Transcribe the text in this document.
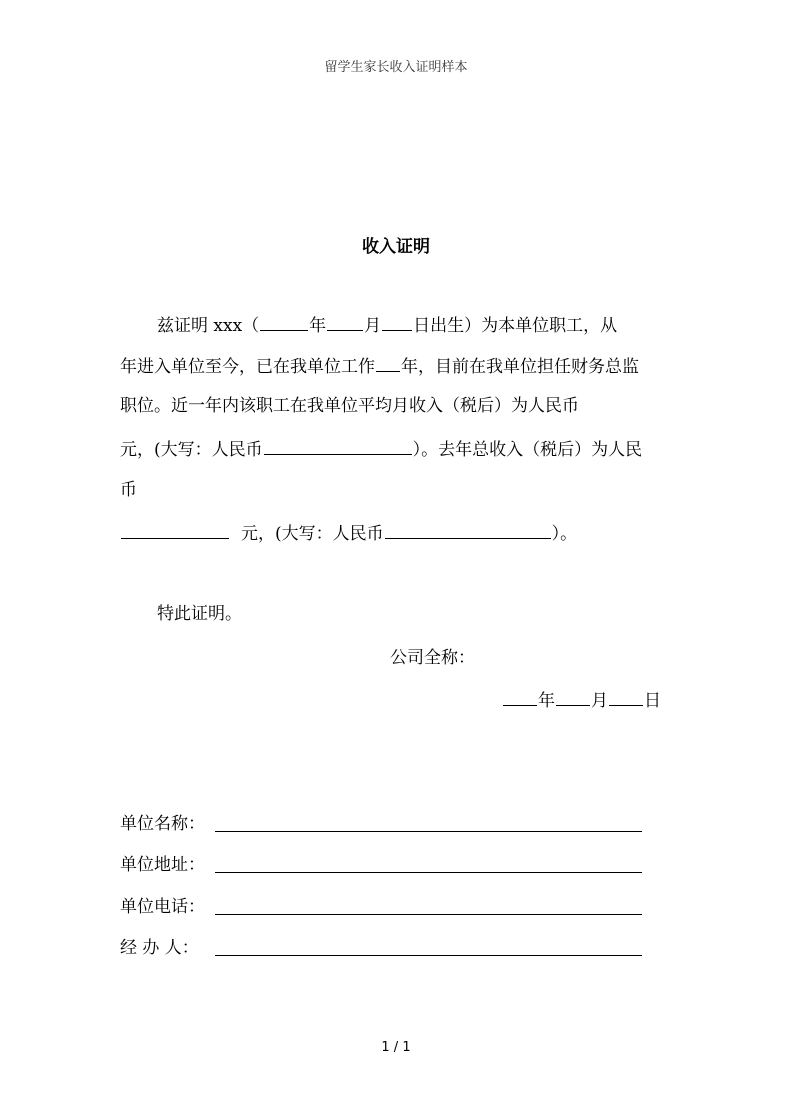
留学生家长收入证明样本
收入证明
兹证明 xxx（	年 月 日出生）为本单位职工，从
年进入单位至今，已在我单位工作 年，目前在我单位担任财务总监
职位。近一年内该职工在我单位平均月收入（税后）为人民币
元，(大写：人民币	）。去年总收入（税后）为人民
币
元，(大写：人民币	）。
特此证明。
公司全称：
年 月 日
单位名称：
单位地址：
单位电话：
经 办 人：
1 / 1
